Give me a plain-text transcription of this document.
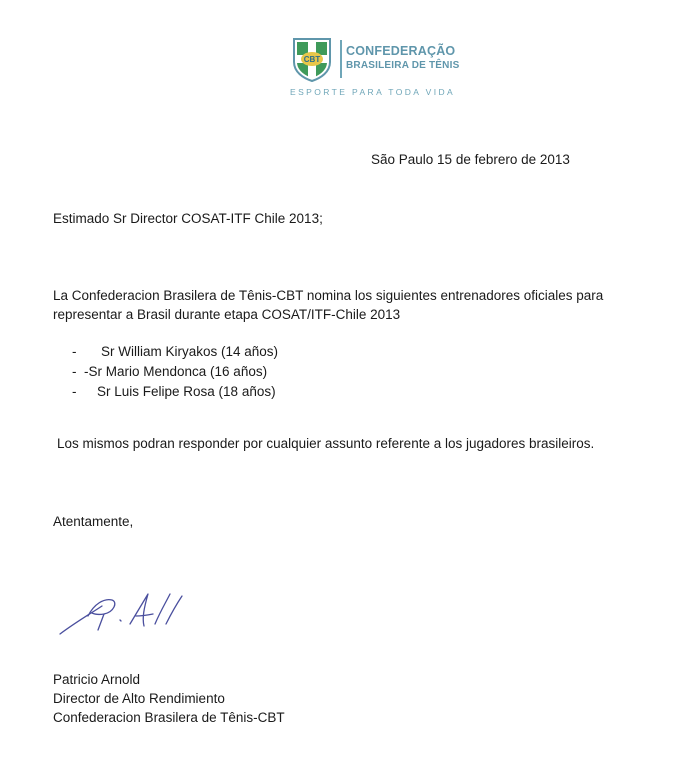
CBT
CONFEDERAÇÃO
BRASILEIRA DE TÊNIS
ESPORTE PARA TODA VIDA
São Paulo 15 de febrero de 2013
Estimado Sr Director COSAT-ITF Chile 2013;
La Confederacion Brasilera de Tênis-CBT nomina los siguientes entrenadores oficiales para
representar a Brasil durante etapa COSAT/ITF-Chile 2013
- Sr William Kiryakos (14 años)
- -Sr Mario Mendonca (16 años)
- Sr Luis Felipe Rosa (18 años)
Los mismos podran responder por cualquier assunto referente a los jugadores brasileiros.
Atentamente,
Patricio Arnold
Director de Alto Rendimiento
Confederacion Brasilera de Tênis-CBT
